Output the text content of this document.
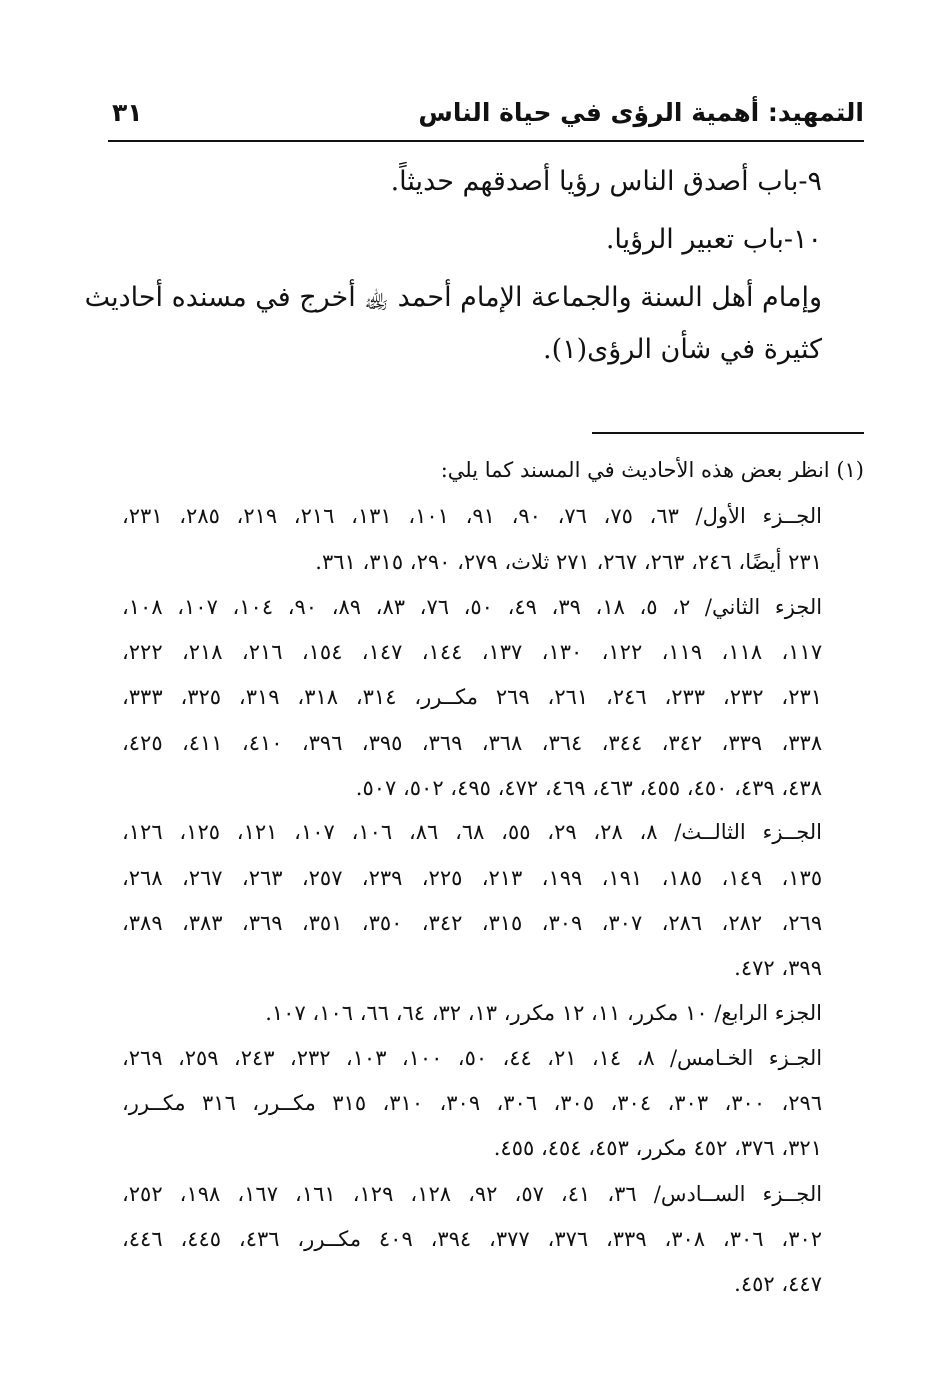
التمهيد: أهمية الرؤى في حياة الناس
٣١
٩-باب أصدق الناس رؤيا أصدقهم حديثاً.
١٠-باب تعبير الرؤيا.
وإمام أهل السنة والجماعة الإمام أحمد ﵀ أخرج في مسنده أحاديث
كثيرة في شأن الرؤى(١).
(١) انظر بعض هذه الأحاديث في المسند كما يلي:
الجــزء الأول/ ٦٣، ٧٥، ٧٦، ٩٠، ٩١، ١٠١، ١٣١، ٢١٦، ٢١٩، ٢٨٥، ٢٣١،
٢٣١ أيضًا، ٢٤٦، ٢٦٣، ٢٦٧، ٢٧١ ثلاث، ٢٧٩، ٢٩٠، ٣١٥، ٣٦١.
الجزء الثاني/ ٢، ٥، ١٨، ٣٩، ٤٩، ٥٠، ٧٦، ٨٣، ٨٩، ٩٠، ١٠٤، ١٠٧، ١٠٨،
١١٧، ١١٨، ١١٩، ١٢٢، ١٣٠، ١٣٧، ١٤٤، ١٤٧، ١٥٤، ٢١٦، ٢١٨، ٢٢٢،
٢٣١، ٢٣٢، ٢٣٣، ٢٤٦، ٢٦١، ٢٦٩ مكــرر، ٣١٤، ٣١٨، ٣١٩، ٣٢٥، ٣٣٣،
٣٣٨، ٣٣٩، ٣٤٢، ٣٤٤، ٣٦٤، ٣٦٨، ٣٦٩، ٣٩٥، ٣٩٦، ٤١٠، ٤١١، ٤٢٥،
٤٣٨، ٤٣٩، ٤٥٠، ٤٥٥، ٤٦٣، ٤٦٩، ٤٧٢، ٤٩٥، ٥٠٢، ٥٠٧.
الجــزء الثالــث/ ٨، ٢٨، ٢٩، ٥٥، ٦٨، ٨٦، ١٠٦، ١٠٧، ١٢١، ١٢٥، ١٢٦،
١٣٥، ١٤٩، ١٨٥، ١٩١، ١٩٩، ٢١٣، ٢٢٥، ٢٣٩، ٢٥٧، ٢٦٣، ٢٦٧، ٢٦٨،
٢٦٩، ٢٨٢، ٢٨٦، ٣٠٧، ٣٠٩، ٣١٥، ٣٤٢، ٣٥٠، ٣٥١، ٣٦٩، ٣٨٣، ٣٨٩،
٣٩٩، ٤٧٢.
الجزء الرابع/ ١٠ مكرر، ١١، ١٢ مكرر، ١٣، ٣٢، ٦٤، ٦٦، ١٠٦، ١٠٧.
الجـزء الخـامس/ ٨، ١٤، ٢١، ٤٤، ٥٠، ١٠٠، ١٠٣، ٢٣٢، ٢٤٣، ٢٥٩، ٢٦٩،
٢٩٦، ٣٠٠، ٣٠٣، ٣٠٤، ٣٠٥، ٣٠٦، ٣٠٩، ٣١٠، ٣١٥ مكــرر، ٣١٦ مكــرر،
٣٢١، ٣٧٦، ٤٥٢ مكرر، ٤٥٣، ٤٥٤، ٤٥٥.
الجــزء الســادس/ ٣٦، ٤١، ٥٧، ٩٢، ١٢٨، ١٢٩، ١٦١، ١٦٧، ١٩٨، ٢٥٢،
٣٠٢، ٣٠٦، ٣٠٨، ٣٣٩، ٣٧٦، ٣٧٧، ٣٩٤، ٤٠٩ مكــرر، ٤٣٦، ٤٤٥، ٤٤٦،
٤٤٧، ٤٥٢.
